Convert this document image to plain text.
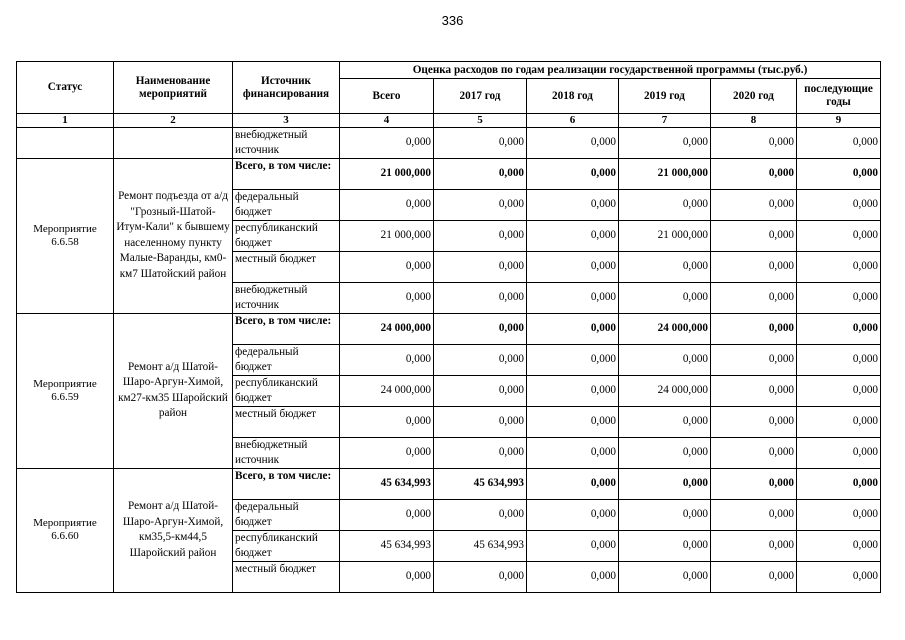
336
Статус	Наименование мероприятий	Источник финансирования	Оценка расходов по годам реализации государственной программы (тыс.руб.)					
			Всего	2017 год	2018 год	2019 год	2020 год	последующие годы
1	2	3	4	5	6	7	8	9
		внебюджетный источник	0,000	0,000	0,000	0,000	0,000	0,000
Мероприятие 6.6.58	Ремонт подъезда от а/д "Грозный-Шатой-Итум-Кали" к бывшему населенному пункту Малые-Варанды, км0-км7 Шатойский район	Всего, в том числе:	21 000,000	0,000	0,000	21 000,000	0,000	0,000
		федеральный бюджет	0,000	0,000	0,000	0,000	0,000	0,000
		республиканский бюджет	21 000,000	0,000	0,000	21 000,000	0,000	0,000
		местный бюджет	0,000	0,000	0,000	0,000	0,000	0,000
		внебюджетный источник	0,000	0,000	0,000	0,000	0,000	0,000
Мероприятие 6.6.59	Ремонт а/д Шатой-Шаро-Аргун-Химой, км27-км35 Шаройский район	Всего, в том числе:	24 000,000	0,000	0,000	24 000,000	0,000	0,000
		федеральный бюджет	0,000	0,000	0,000	0,000	0,000	0,000
		республиканский бюджет	24 000,000	0,000	0,000	24 000,000	0,000	0,000
		местный бюджет	0,000	0,000	0,000	0,000	0,000	0,000
		внебюджетный источник	0,000	0,000	0,000	0,000	0,000	0,000
Мероприятие 6.6.60	Ремонт а/д Шатой-Шаро-Аргун-Химой, км35,5-км44,5 Шаройский район	Всего, в том числе:	45 634,993	45 634,993	0,000	0,000	0,000	0,000
		федеральный бюджет	0,000	0,000	0,000	0,000	0,000	0,000
		республиканский бюджет	45 634,993	45 634,993	0,000	0,000	0,000	0,000
		местный бюджет	0,000	0,000	0,000	0,000	0,000	0,000
